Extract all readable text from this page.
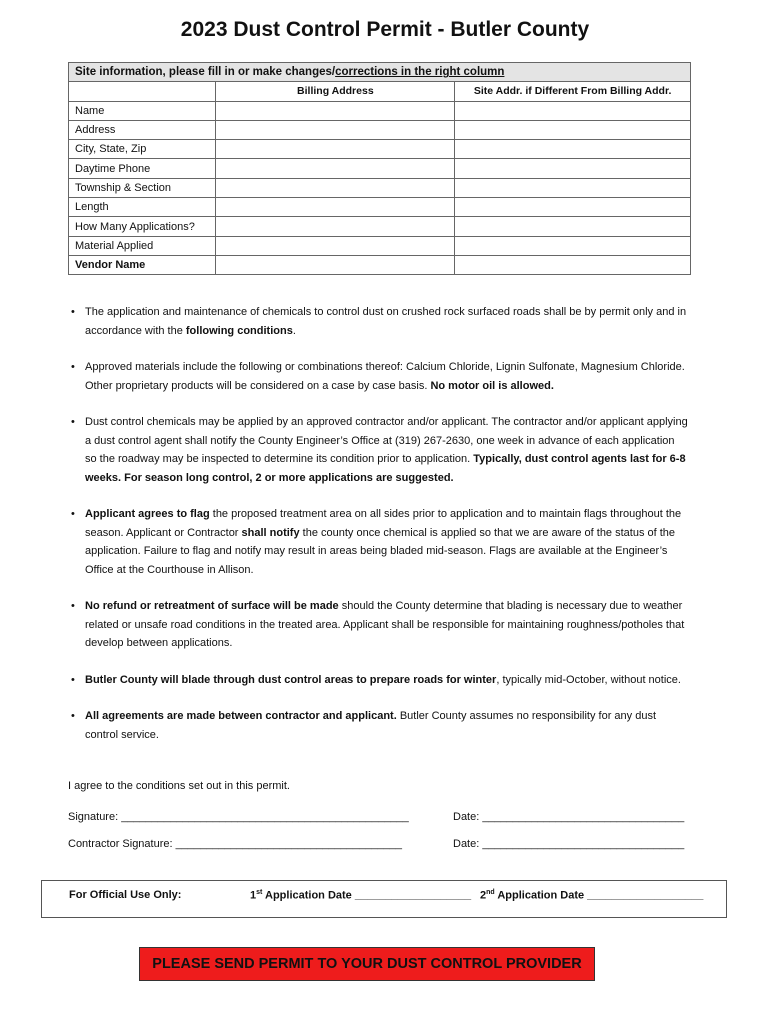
2023 Dust Control Permit - Butler County
Site information, please fill in or make changes/corrections in the right column		
	Billing Address	Site Addr. if Different From Billing Addr.
Name		
Address		
City, State, Zip		
Daytime Phone		
Township & Section		
Length		
How Many Applications?		
Material Applied		
Vendor Name		
• The application and maintenance of chemicals to control dust on crushed rock surfaced roads shall be by permit only and in accordance with the following conditions.
• Approved materials include the following or combinations thereof: Calcium Chloride, Lignin Sulfonate, Magnesium Chloride. Other proprietary products will be considered on a case by case basis. No motor oil is allowed.
• Dust control chemicals may be applied by an approved contractor and/or applicant. The contractor and/or applicant applying a dust control agent shall notify the County Engineer’s Office at (319) 267-2630, one week in advance of each application so the roadway may be inspected to determine its condition prior to application. Typically, dust control agents last for 6-8 weeks. For season long control, 2 or more applications are suggested.
• Applicant agrees to flag the proposed treatment area on all sides prior to application and to maintain flags throughout the season. Applicant or Contractor shall notify the county once chemical is applied so that we are aware of the status of the application. Failure to flag and notify may result in areas being bladed mid-season. Flags are available at the Engineer’s Office at the Courthouse in Allison.
• No refund or retreatment of surface will be made should the County determine that blading is necessary due to weather related or unsafe road conditions in the treated area. Applicant shall be responsible for maintaining roughness/potholes that develop between applications.
• Butler County will blade through dust control areas to prepare roads for winter, typically mid-October, without notice.
• All agreements are made between contractor and applicant. Butler County assumes no responsibility for any dust control service.
I agree to the conditions set out in this permit.
Signature: _______________________________________________	Date: _________________________________
Contractor Signature: _____________________________________	Date: _________________________________
For Official Use Only:	1st Application Date ___________________ 2nd Application Date ___________________
PLEASE SEND PERMIT TO YOUR DUST CONTROL PROVIDER
